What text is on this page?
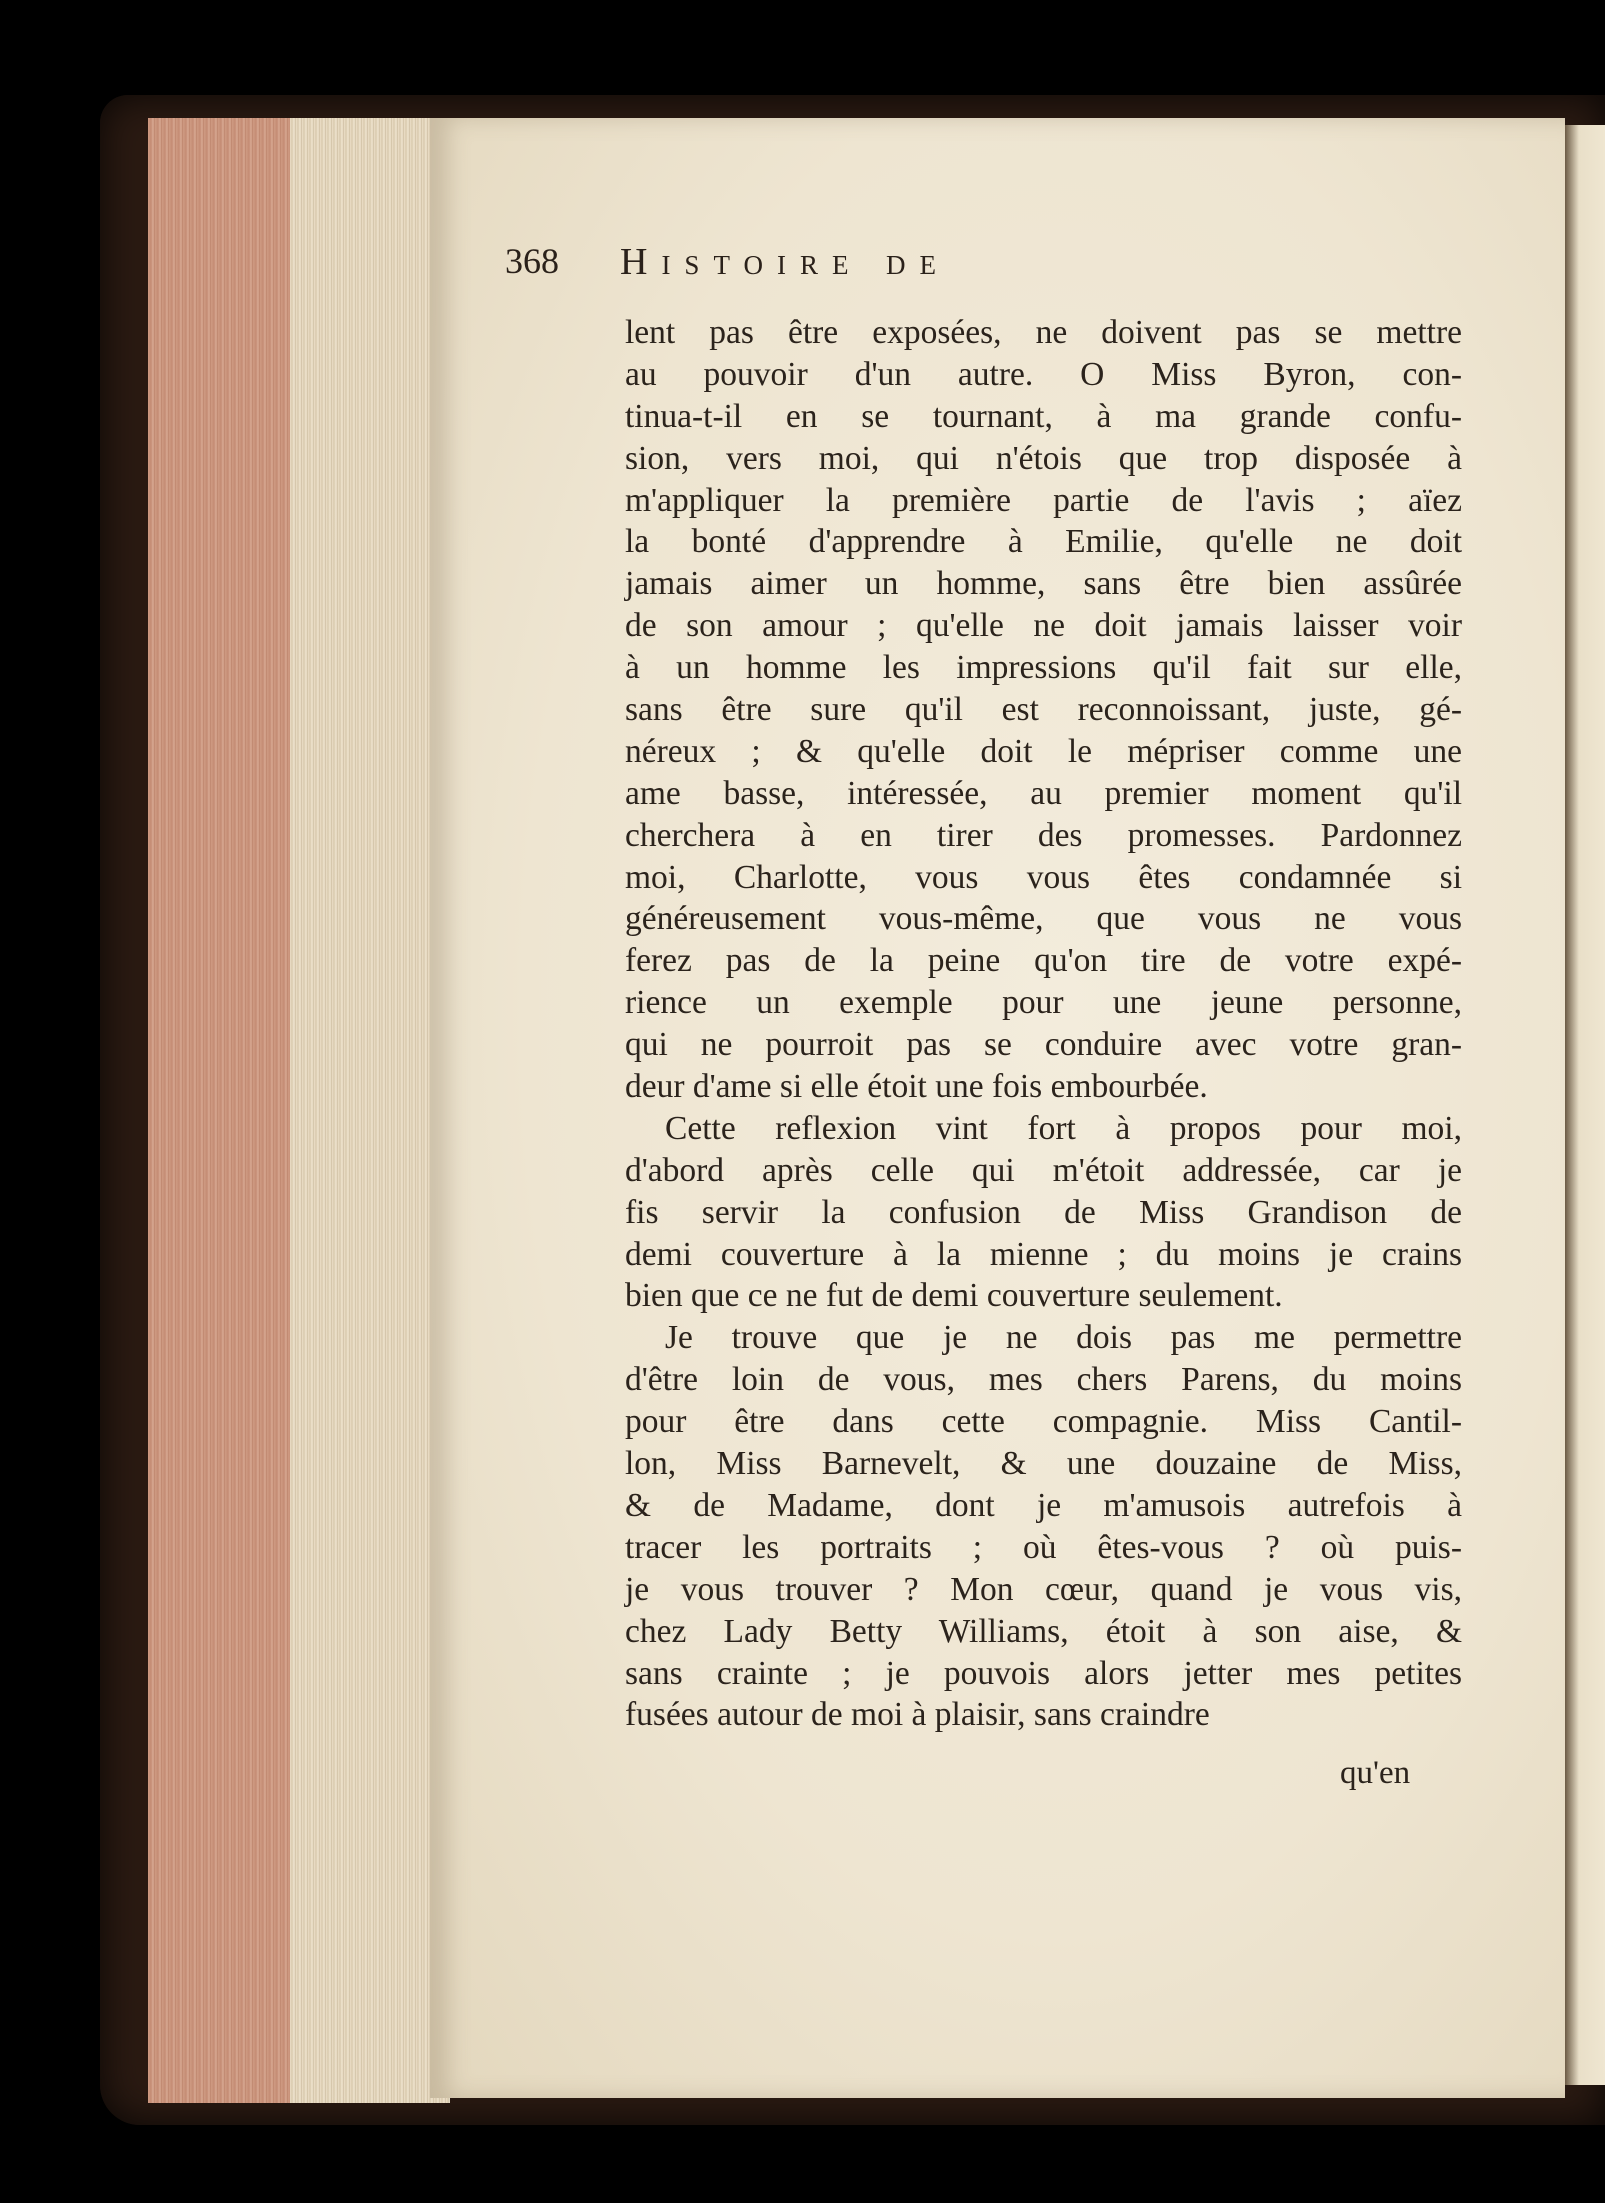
368 Histoire de
lent pas être exposées, ne doivent pas se mettre
au pouvoir d'un autre. O Miss Byron, con-
tinua-t-il en se tournant, à ma grande confu-
sion, vers moi, qui n'étois que trop disposée à
m'appliquer la première partie de l'avis ; aïez
la bonté d'apprendre à Emilie, qu'elle ne doit
jamais aimer un homme, sans être bien assûrée
de son amour ; qu'elle ne doit jamais laisser voir
à un homme les impressions qu'il fait sur elle,
sans être sure qu'il est reconnoissant, juste, gé-
néreux ; & qu'elle doit le mépriser comme une
ame basse, intéressée, au premier moment qu'il
cherchera à en tirer des promesses. Pardonnez
moi, Charlotte, vous vous êtes condamnée si
généreusement vous-même, que vous ne vous
ferez pas de la peine qu'on tire de votre expé-
rience un exemple pour une jeune personne,
qui ne pourroit pas se conduire avec votre gran-
deur d'ame si elle étoit une fois embourbée.
Cette reflexion vint fort à propos pour moi,
d'abord après celle qui m'étoit addressée, car je
fis servir la confusion de Miss Grandison de
demi couverture à la mienne ; du moins je crains
bien que ce ne fut de demi couverture seulement.
Je trouve que je ne dois pas me permettre
d'être loin de vous, mes chers Parens, du moins
pour être dans cette compagnie. Miss Cantil-
lon, Miss Barnevelt, & une douzaine de Miss,
& de Madame, dont je m'amusois autrefois à
tracer les portraits ; où êtes-vous ? où puis-
je vous trouver ? Mon cœur, quand je vous vis,
chez Lady Betty Williams, étoit à son aise, &
sans crainte ; je pouvois alors jetter mes petites
fusées autour de moi à plaisir, sans craindre
qu'en
